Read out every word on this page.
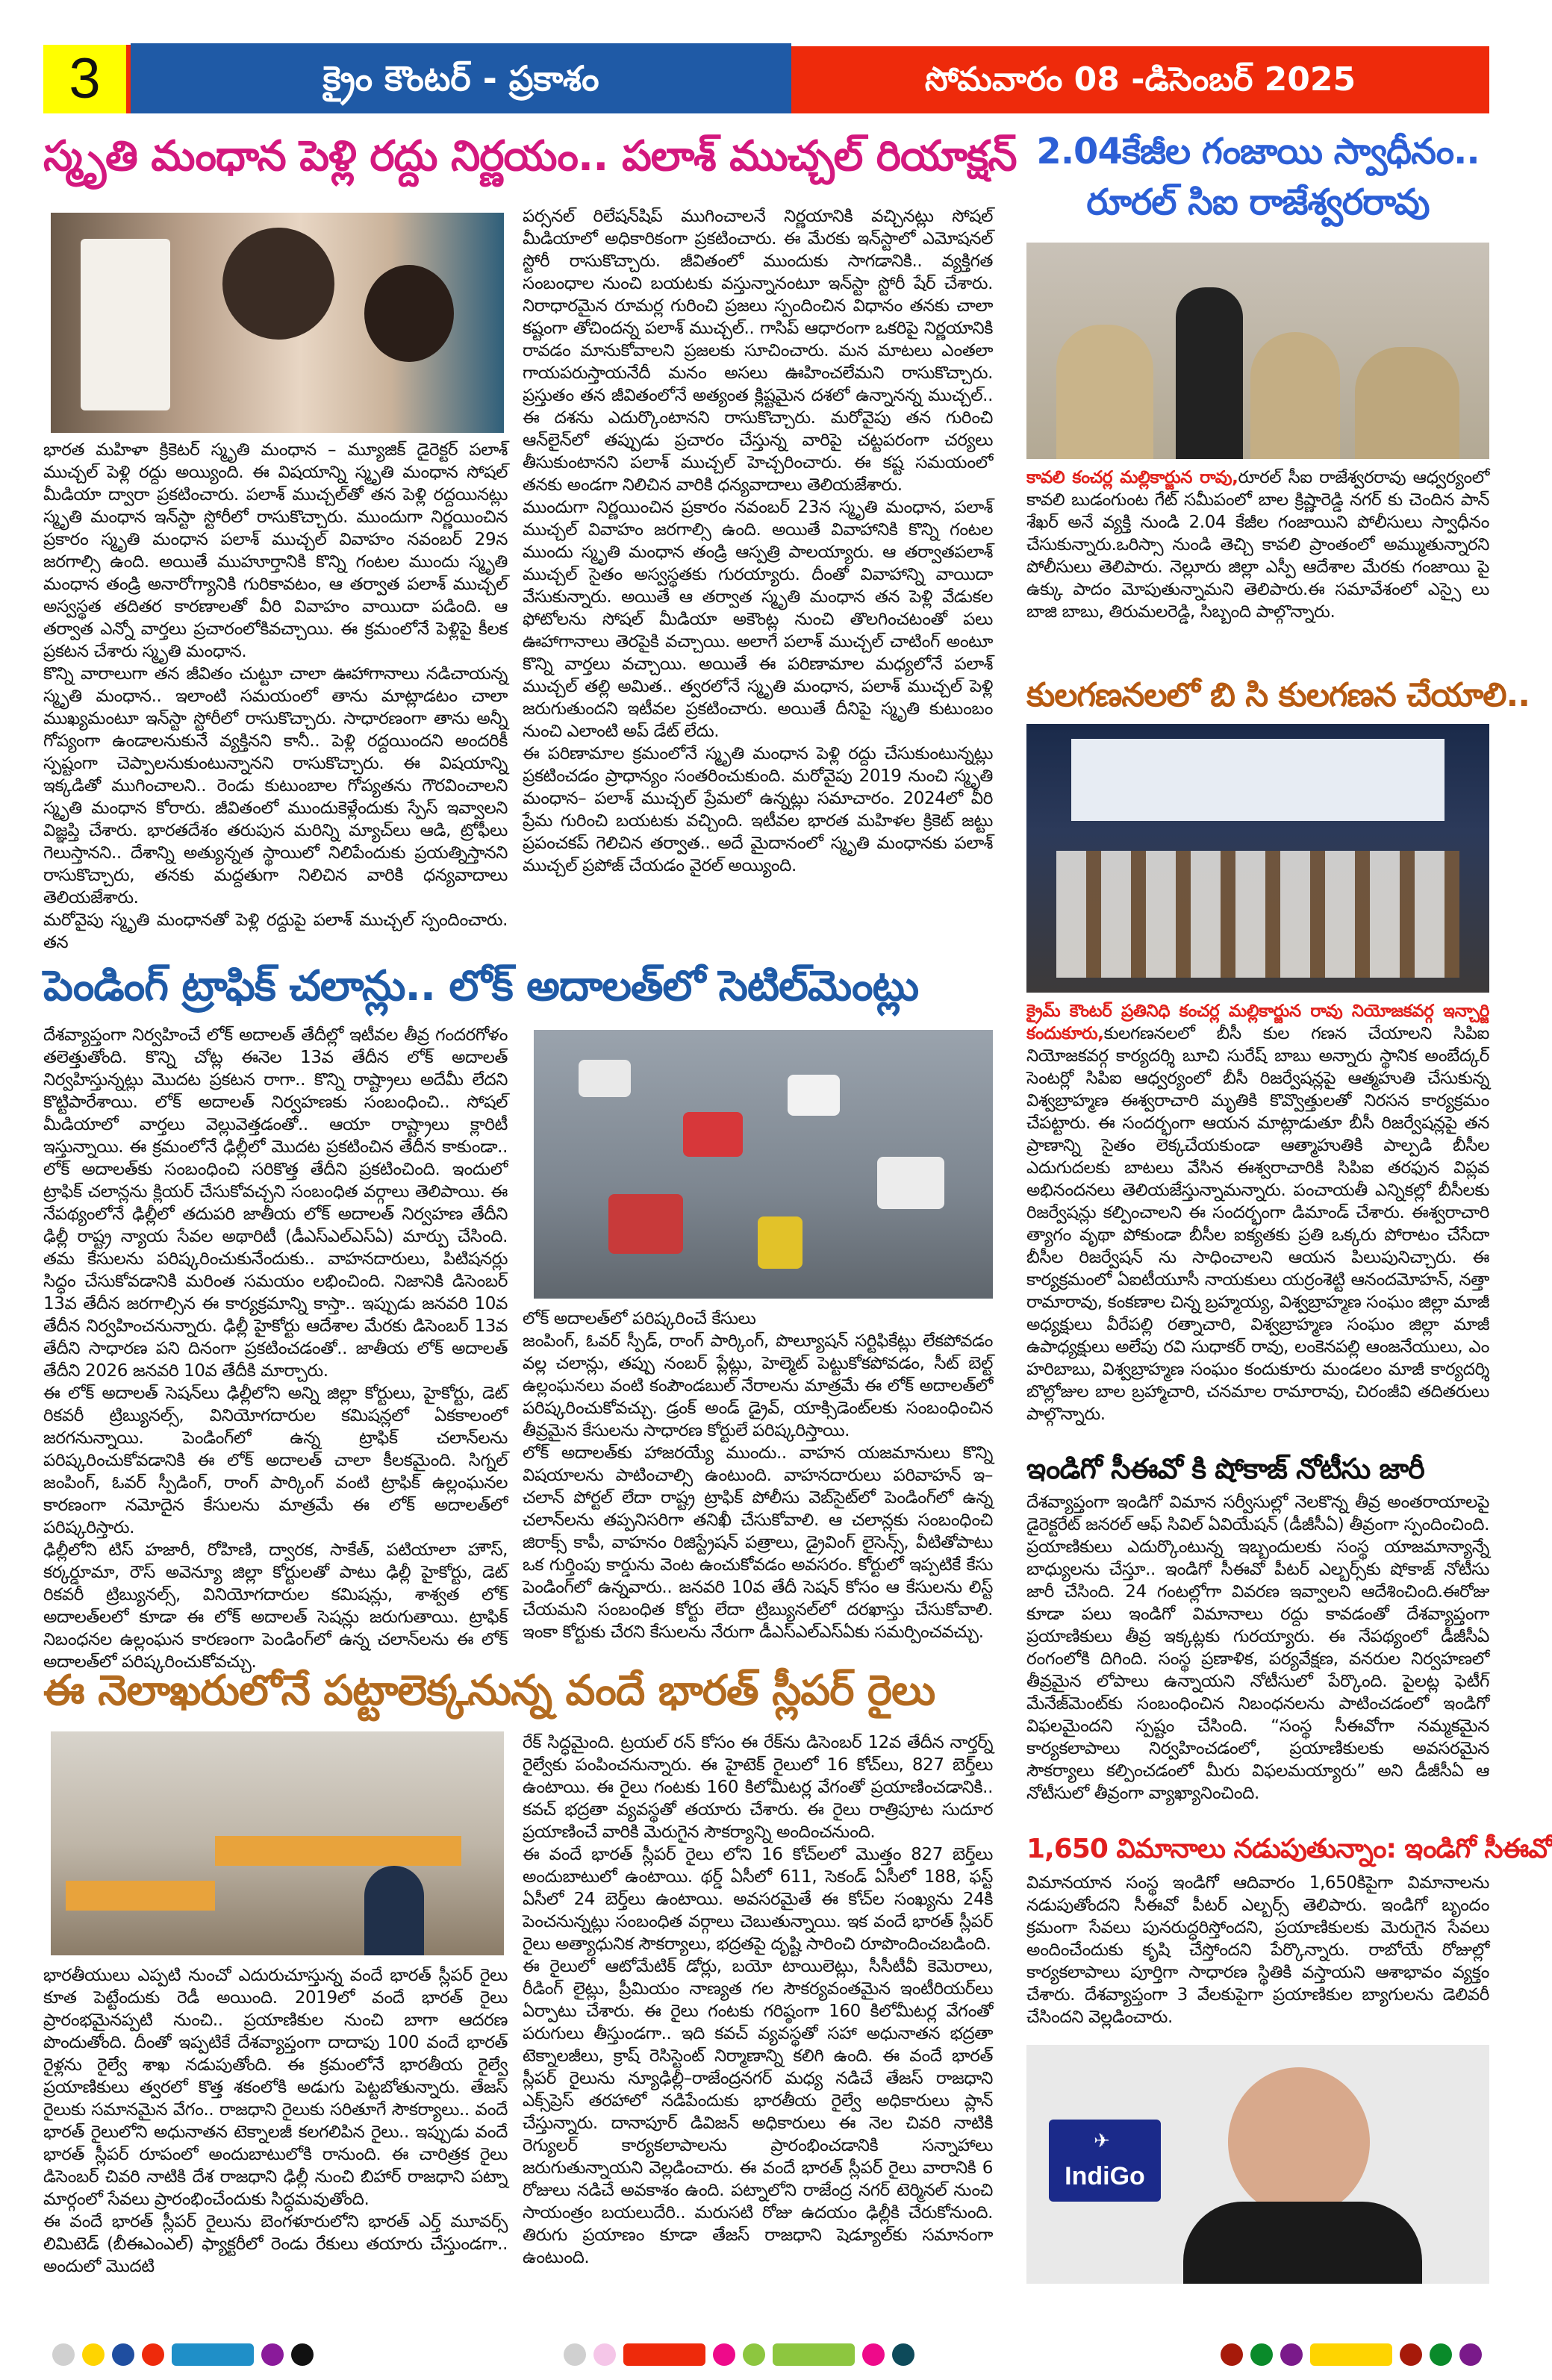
3	క్రైం కౌంటర్ - ప్రకాశం	సోమవారం 08 -డిసెంబర్ 2025
స్మృతి మంధాన పెళ్లి రద్దు నిర్ణయం.. పలాశ్ ముచ్చల్ రియాక్షన్

భారత మహిళా క్రికెటర్ స్మృతి మంధాన – మ్యూజిక్ డైరెక్టర్ పలాశ్ ముచ్చల్ పెళ్లి రద్దు అయ్యింది. ఈ విషయాన్ని స్మృతి మంధాన సోషల్ మీడియా ద్వారా ప్రకటించారు. పలాశ్ ముచ్చల్‌తో తన పెళ్లి రద్దయినట్లు స్మృతి మంధాన ఇన్‌స్టా స్టోరీలో రాసుకొచ్చారు. ముందుగా నిర్ణయించిన ప్రకారం స్మృతి మంధాన పలాశ్ ముచ్చల్ వివాహం నవంబర్ 29న జరగాల్సి ఉంది. అయితే ముహూర్తానికి కొన్ని గంటల ముందు స్మృతి మంధాన తండ్రి అనారోగ్యానికి గురికావటం, ఆ తర్వాత పలాశ్ ముచ్చల్ అస్వస్థత తదితర కారణాలతో వీరి వివాహం వాయిదా పడింది. ఆ తర్వాత ఎన్నో వార్తలు ప్రచారంలోకివచ్చాయి. ఈ క్రమంలోనే పెళ్లిపై కీలక ప్రకటన చేశారు స్మృతి మంధాన.

కొన్ని వారాలుగా తన జీవితం చుట్టూ చాలా ఊహాగానాలు నడిచాయన్న స్మృతి మంధాన.. ఇలాంటి సమయంలో తాను మాట్లాడటం చాలా ముఖ్యమంటూ ఇన్‌స్టా స్టోరీలో రాసుకొచ్చారు. సాధారణంగా తాను అన్నీ గోప్యంగా ఉండాలనుకునే వ్యక్తినని కానీ.. పెళ్లి రద్దయిందని అందరికీ స్పష్టంగా చెప్పాలనుకుంటున్నానని రాసుకొచ్చారు. ఈ విషయాన్ని ఇక్కడితో ముగించాలని.. రెండు కుటుంబాల గోప్యతను గౌరవించాలని స్మృతి మంధాన కోరారు. జీవితంలో ముందుకెళ్లేందుకు స్పేస్ ఇవ్వాలని విజ్ఞప్తి చేశారు. భారతదేశం తరుపున మరిన్ని మ్యాచ్‌లు ఆడి, ట్రోఫీలు గెలుస్తానని.. దేశాన్ని అత్యున్నత స్థాయిలో నిలిపేందుకు ప్రయత్నిస్తానని రాసుకొచ్చారు, తనకు మద్దతుగా నిలిచిన వారికి ధన్యవాదాలు తెలియజేశారు.

మరోవైపు స్మృతి మంధానతో పెళ్లి రద్దుపై పలాశ్ ముచ్చల్ స్పందించారు. తన

పర్సనల్ రిలేషన్‌షిప్ ముగించాలనే నిర్ణయానికి వచ్చినట్లు సోషల్ మీడియాలో అధికారికంగా ప్రకటించారు. ఈ మేరకు ఇన్‌స్టాలో ఎమోషనల్ స్టోరీ రాసుకొచ్చారు. జీవితంలో ముందుకు సాగడానికి.. వ్యక్తిగత సంబంధాల నుంచి బయటకు వస్తున్నానంటూ ఇన్‌స్టా స్టోరీ షేర్ చేశారు. నిరాధారమైన రూమర్ల గురించి ప్రజలు స్పందించిన విధానం తనకు చాలా కష్టంగా తోచిందన్న పలాశ్ ముచ్చల్.. గాసిప్ ఆధారంగా ఒకరిపై నిర్ణయానికి రావడం మానుకోవాలని ప్రజలకు సూచించారు. మన మాటలు ఎంతలా గాయపరుస్తాయనేదీ మనం అసలు ఊహించలేమని రాసుకొచ్చారు. ప్రస్తుతం తన జీవితంలోనే అత్యంత క్లిష్టమైన దశలో ఉన్నానన్న ముచ్చల్.. ఈ దశను ఎదుర్కొంటానని రాసుకొచ్చారు. మరోవైపు తన గురించి ఆన్‌లైన్‌లో తప్పుడు ప్రచారం చేస్తున్న వారిపై చట్టపరంగా చర్యలు తీసుకుంటానని పలాశ్ ముచ్చల్ హెచ్చరించారు. ఈ కష్ట సమయంలో తనకు అండగా నిలిచిన వారికి ధన్యవాదాలు తెలియజేశారు.

ముందుగా నిర్ణయించిన ప్రకారం నవంబర్ 23న స్మృతి మంధాన, పలాశ్ ముచ్చల్ వివాహం జరగాల్సి ఉంది. అయితే వివాహానికి కొన్ని గంటల ముందు స్మృతి మంధాన తండ్రి ఆస్పత్రి పాలయ్యారు. ఆ తర్వాతపలాశ్ ముచ్చల్ సైతం అస్వస్థతకు గురయ్యారు. దీంతో వివాహాన్ని వాయిదా వేసుకున్నారు. అయితే ఆ తర్వాత స్మృతి మంధాన తన పెళ్లి వేడుకల ఫోటోలను సోషల్ మీడియా అకౌంట్ల నుంచి తొలగించటంతో పలు ఊహాగానాలు తెరపైకి వచ్చాయి. అలాగే పలాశ్ ముచ్చల్ చాటింగ్ అంటూ కొన్ని వార్తలు వచ్చాయి. అయితే ఈ పరిణామాల మధ్యలోనే పలాశ్ ముచ్చల్ తల్లి అమిత.. త్వరలోనే స్మృతి మంధాన, పలాశ్ ముచ్చల్ పెళ్లి జరుగుతుందని ఇటీవల ప్రకటించారు. అయితే దీనిపై స్మృతి కుటుంబం నుంచి ఎలాంటి అప్ డేట్ లేదు.

ఈ పరిణామాల క్రమంలోనే స్మృతి మంధాన పెళ్లి రద్దు చేసుకుంటున్నట్లు ప్రకటించడం ప్రాధాన్యం సంతరించుకుంది. మరోవైపు 2019 నుంచి స్మృతి మంధాన– పలాశ్ ముచ్చల్ ప్రేమలో ఉన్నట్లు సమాచారం. 2024లో వీరి ప్రేమ గురించి బయటకు వచ్చింది. ఇటీవల భారత మహిళల క్రికెట్ జట్టు ప్రపంచకప్ గెలిచిన తర్వాత.. అదే మైదానంలో స్మృతి మంధానకు పలాశ్ ముచ్చల్ ప్రపోజ్ చేయడం వైరల్ అయ్యింది.

పెండింగ్ ట్రాఫిక్ చలాన్లు.. లోక్ అదాలత్‌లో సెటిల్‌మెంట్లు

దేశవ్యాప్తంగా నిర్వహించే లోక్ అదాలత్ తేదీల్లో ఇటీవల తీవ్ర గందరగోళం తలెత్తుతోంది. కొన్ని చోట్ల ఈనెల 13వ తేదీన లోక్ అదాలత్ నిర్వహిస్తున్నట్లు మొదట ప్రకటన రాగా.. కొన్ని రాష్ట్రాలు అదేమీ లేదని కొట్టిపారేశాయి. లోక్ అదాలత్ నిర్వహణకు సంబంధించి.. సోషల్ మీడియాలో వార్తలు వెల్లువెత్తడంతో.. ఆయా రాష్ట్రాలు క్లారిటీ ఇస్తున్నాయి. ఈ క్రమంలోనే ఢిల్లీలో మొదట ప్రకటించిన తేదీన కాకుండా.. లోక్ అదాలత్‌కు సంబంధించి సరికొత్త తేదీని ప్రకటించింది. ఇందులో ట్రాఫిక్ చలాన్లను క్లియర్ చేసుకోవచ్చని సంబంధిత వర్గాలు తెలిపాయి. ఈ నేపథ్యంలోనే ఢిల్లీలో తదుపరి జాతీయ లోక్ అదాలత్ నిర్వహణ తేదీని ఢిల్లీ రాష్ట్ర న్యాయ సేవల అథారిటీ (డీఎస్ఎల్ఎస్ఏ) మార్పు చేసింది. తమ కేసులను పరిష్కరించుకునేందుకు.. వాహనదారులు, పిటిషనర్లు సిద్ధం చేసుకోవడానికి మరింత సమయం లభించింది. నిజానికి డిసెంబర్ 13వ తేదీన జరగాల్సిన ఈ కార్యక్రమాన్ని కాస్తా.. ఇప్పుడు జనవరి 10వ తేదీన నిర్వహించనున్నారు. ఢిల్లీ హైకోర్టు ఆదేశాల మేరకు డిసెంబర్ 13వ తేదీని సాధారణ పని దినంగా ప్రకటించడంతో.. జాతీయ లోక్ అదాలత్ తేదీని 2026 జనవరి 10వ తేదీకి మార్చారు.

ఈ లోక్ అదాలత్ సెషన్‌లు ఢిల్లీలోని అన్ని జిల్లా కోర్టులు, హైకోర్టు, డెట్ రికవరీ ట్రిబ్యునల్స్, వినియోగదారుల కమిషన్లలో ఏకకాలంలో జరగనున్నాయి. పెండింగ్‌లో ఉన్న ట్రాఫిక్ చలాన్‌లను పరిష్కరించుకోవడానికి ఈ లోక్ అదాలత్ చాలా కీలకమైంది. సిగ్నల్ జంపింగ్, ఓవర్ స్పీడింగ్, రాంగ్ పార్కింగ్ వంటి ట్రాఫిక్ ఉల్లంఘనల కారణంగా నమోదైన కేసులను మాత్రమే ఈ లోక్ అదాలత్‌లో పరిష్కరిస్తారు.

ఢిల్లీలోని టిస్ హజారీ, రోహిణి, ద్వారక, సాకేత్, పటియాలా హౌస్, కర్కర్డూమా, రౌస్ అవెన్యూ జిల్లా కోర్టులతో పాటు ఢిల్లీ హైకోర్టు, డెట్ రికవరీ ట్రిబ్యునల్స్, వినియోగదారుల కమిషన్లు, శాశ్వత లోక్ అదాలత్‌లలో కూడా ఈ లోక్ అదాలత్ సెషన్లు జరుగుతాయి. ట్రాఫిక్ నిబంధనల ఉల్లంఘన కారణంగా పెండింగ్‌లో ఉన్న చలాన్‌లను ఈ లోక్ అదాలత్‌లో పరిష్కరించుకోవచ్చు.

లోక్ అదాలత్‌లో పరిష్కరించే కేసులు

జంపింగ్, ఓవర్ స్పీడ్, రాంగ్ పార్కింగ్, పొల్యూషన్ సర్టిఫికేట్లు లేకపోవడం వల్ల చలాన్లు, తప్పు నంబర్ ప్లేట్లు, హెల్మెట్ పెట్టుకోకపోవడం, సీట్ బెల్ట్ ఉల్లంఘనలు వంటి కంపౌండబుల్ నేరాలను మాత్రమే ఈ లోక్ అదాలత్‌లో పరిష్కరించుకోవచ్చు. డ్రంక్ అండ్ డ్రైవ్, యాక్సిడెంట్‌లకు సంబంధించిన తీవ్రమైన కేసులను సాధారణ కోర్టులే పరిష్కరిస్తాయి.

లోక్ అదాలత్‌కు హాజరయ్యే ముందు.. వాహన యజమానులు కొన్ని విషయాలను పాటించాల్సి ఉంటుంది. వాహనదారులు పరివాహన్ ఇ–చలాన్ పోర్టల్ లేదా రాష్ట్ర ట్రాఫిక్ పోలీసు వెబ్‌సైట్‌లో పెండింగ్‌లో ఉన్న చలాన్‌లను తప్పనిసరిగా తనిఖీ చేసుకోవాలి. ఆ చలాన్లకు సంబంధించి జిరాక్స్ కాపీ, వాహనం రిజిస్ట్రేషన్ పత్రాలు, డ్రైవింగ్ లైసెన్స్, వీటితోపాటు ఒక గుర్తింపు కార్డును వెంట ఉంచుకోవడం అవసరం. కోర్టులో ఇప్పటికే కేసు పెండింగ్‌లో ఉన్నవారు.. జనవరి 10వ తేదీ సెషన్ కోసం ఆ కేసులను లిస్ట్ చేయమని సంబంధిత కోర్టు లేదా ట్రిబ్యునల్‌లో దరఖాస్తు చేసుకోవాలి. ఇంకా కోర్టుకు చేరని కేసులను నేరుగా డీఎస్ఎల్ఎస్ఏకు సమర్పించవచ్చు.

ఈ నెలాఖరులోనే పట్టాలెక్కనున్న వందే భారత్ స్లీపర్ రైలు

భారతీయులు ఎప్పటి నుంచో ఎదురుచూస్తున్న వందే భారత్ స్లీపర్ రైలు కూత పెట్టేందుకు రెడీ అయింది. 2019లో వందే భారత్ రైలు ప్రారంభమైనప్పటి నుంచి.. ప్రయాణికుల నుంచి బాగా ఆదరణ పొందుతోంది. దీంతో ఇప్పటికే దేశవ్యాప్తంగా దాదాపు 100 వందే భారత్ రైళ్లను రైల్వే శాఖ నడుపుతోంది. ఈ క్రమంలోనే భారతీయ రైల్వే ప్రయాణికులు త్వరలో కొత్త శకంలోకి అడుగు పెట్టబోతున్నారు. తేజస్ రైలుకు సమానమైన వేగం.. రాజధాని రైలుకు సరితూగే సౌకర్యాలు.. వందే భారత్ రైలులోని అధునాతన టెక్నాలజీ కలగలిపిన రైలు.. ఇప్పుడు వందే భారత్ స్లీపర్ రూపంలో అందుబాటులోకి రానుంది. ఈ చారిత్రక రైలు డిసెంబర్ చివరి నాటికి దేశ రాజధాని ఢిల్లీ నుంచి బిహార్ రాజధాని పట్నా మార్గంలో సేవలు ప్రారంభించేందుకు సిద్ధమవుతోంది.

ఈ వందే భారత్ స్లీపర్ రైలును బెంగళూరులోని భారత్ ఎర్త్ మూవర్స్ లిమిటెడ్ (బీఈఎంఎల్) ఫ్యాక్టరీలో రెండు రేకులు తయారు చేస్తుండగా.. అందులో మొదటి

రేక్ సిద్ధమైంది. ట్రయల్ రన్ కోసం ఈ రేక్‌ను డిసెంబర్ 12వ తేదీన నార్తర్న్ రైల్వేకు పంపించనున్నారు. ఈ హైటెక్ రైలులో 16 కోచ్‌లు, 827 బెర్త్‌లు ఉంటాయి. ఈ రైలు గంటకు 160 కిలోమీటర్ల వేగంతో ప్రయాణించడానికి.. కవచ్ భద్రతా వ్యవస్థతో తయారు చేశారు. ఈ రైలు రాత్రిపూట సుదూర ప్రయాణించే వారికి మెరుగైన సౌకర్యాన్ని అందించనుంది.

ఈ వందే భారత్ స్లీపర్ రైలు లోని 16 కోచ్‌లలో మొత్తం 827 బెర్త్‌లు అందుబాటులో ఉంటాయి. థర్డ్ ఏసీలో 611, సెకండ్ ఏసీలో 188, ఫస్ట్ ఏసీలో 24 బెర్త్‌లు ఉంటాయి. అవసరమైతే ఈ కోచ్‌ల సంఖ్యను 24కి పెంచనున్నట్లు సంబంధిత వర్గాలు చెబుతున్నాయి. ఇక వందే భారత్ స్లీపర్ రైలు అత్యాధునిక సౌకర్యాలు, భద్రతపై దృష్టి సారించి రూపొందించబడింది.

ఈ రైలులో ఆటోమేటిక్ డోర్లు, బయో టాయిలెట్లు, సీసీటీవీ కెమెరాలు, రీడింగ్ లైట్లు, ప్రీమియం నాణ్యత గల సౌకర్యవంతమైన ఇంటీరియర్‌లు ఏర్పాటు చేశారు. ఈ రైలు గంటకు గరిష్ఠంగా 160 కిలోమీటర్ల వేగంతో పరుగులు తీస్తుండగా.. ఇది కవచ్ వ్యవస్థతో సహా అధునాతన భద్రతా టెక్నాలజీలు, క్రాష్ రెసిస్టెంట్ నిర్మాణాన్ని కలిగి ఉంది. ఈ వందే భారత్ స్లీపర్ రైలును న్యూఢిల్లీ–రాజేంద్రనగర్ మధ్య నడిచే తేజస్ రాజధాని ఎక్స్‌ప్రెస్ తరహాలో నడిపేందుకు భారతీయ రైల్వే అధికారులు ప్లాన్ చేస్తున్నారు. దానాపూర్ డివిజన్ అధికారులు ఈ నెల చివరి నాటికి రెగ్యులర్ కార్యకలాపాలను ప్రారంభించడానికి సన్నాహాలు జరుగుతున్నాయని వెల్లడించారు. ఈ వందే భారత్ స్లీపర్ రైలు వారానికి 6 రోజులు నడిచే అవకాశం ఉంది. పట్నాలోని రాజేంద్ర నగర్ టెర్మినల్ నుంచి సాయంత్రం బయలుదేరి.. మరుసటి రోజు ఉదయం ఢిల్లీకి చేరుకోనుంది. తిరుగు ప్రయాణం కూడా తేజస్ రాజధాని షెడ్యూల్‌కు సమానంగా ఉంటుంది.

2.04కేజీల గంజాయి స్వాధీనం..
రూరల్ సిఐ రాజేశ్వరరావు

కావలి కంచర్ల మల్లికార్జున రావు,రూరల్ సీఐ రాజేశ్వరరావు ఆధ్వర్యంలో కావలి బుడంగుంట గేట్ సమీపంలో బాల క్రిష్ణారెడ్డి నగర్ కు చెందిన పాన్ శేఖర్ అనే వ్యక్తి నుండి 2.04 కేజీల గంజాయిని పోలీసులు స్వాధీనం చేసుకున్నారు.ఒరిస్సా నుండి తెచ్చి కావలి ప్రాంతంలో అమ్ముతున్నారని పోలీసులు తెలిపారు. నెల్లూరు జిల్లా ఎస్పీ ఆదేశాల మేరకు గంజాయి పై ఉక్కు పాదం మోపుతున్నామని తెలిపారు.ఈ సమావేశంలో ఎస్సై లు బాజి బాబు, తిరుమలరెడ్డి, సిబ్బంది పాల్గొన్నారు.

కులగణనలలో బి సి కులగణన చేయాలి..

క్రైమ్ కౌంటర్ ప్రతినిధి కంచర్ల మల్లికార్జున రావు నియోజకవర్గ ఇన్చార్జి కందుకూరు,కులగణనలలో బీసీ కుల గణన చేయాలని సిపిఐ నియోజకవర్గ కార్యదర్శి బూచి సురేష్ బాబు అన్నారు స్థానిక అంబేద్కర్ సెంటర్లో సిపిఐ ఆధ్వర్యంలో బీసీ రిజర్వేషన్లపై ఆత్మహుతి చేసుకున్న విశ్వబ్రాహ్మణ ఈశ్వరాచారి మృతికి కొవ్వొత్తులతో నిరసన కార్యక్రమం చేపట్టారు. ఈ సందర్భంగా ఆయన మాట్లాడుతూ బీసీ రిజర్వేషన్లపై తన ప్రాణాన్ని సైతం లెక్కచేయకుండా ఆత్మాహుతికి పాల్పడి బీసీల ఎదుగుదలకు బాటలు వేసిన ఈశ్వరాచారికి సిపిఐ తరఫున విప్లవ అభినందనలు తెలియజేస్తున్నామన్నారు. పంచాయతీ ఎన్నికల్లో బీసీలకు రిజర్వేషన్లు కల్పించాలని ఈ సందర్భంగా డిమాండ్ చేశారు. ఈశ్వరాచారి త్యాగం వృథా పోకుండా బీసీల ఐక్యతకు ప్రతి ఒక్కరు పోరాటం చేసేదా బీసీల రిజర్వేషన్ ను సాధించాలని ఆయన పిలుపునిచ్చారు. ఈ కార్యక్రమంలో ఏఐటీయూసీ నాయకులు యర్రంశెట్టి ఆనందమోహన్, నత్తా రామారావు, కంకణాల చిన్న బ్రహ్మయ్య, విశ్వబ్రాహ్మణ సంఘం జిల్లా మాజీ అధ్యక్షులు వీరేపల్లి రత్నాచారి, విశ్వబ్రాహ్మణ సంఘం జిల్లా మాజీ ఉపాధ్యక్షులు అలేపు రవి సుధాకర్ రావు, లంకెనపల్లి ఆంజనేయులు, ఎం హరిబాబు, విశ్వబ్రాహ్మణ సంఘం కందుకూరు మండలం మాజీ కార్యదర్శి బొల్లోజుల బాల బ్రహ్మాచారి, చనమాల రామారావు, చిరంజీవి తదితరులు పాల్గొన్నారు.

ఇండిగో సీఈవో కి షోకాజ్ నోటీసు జారీ

దేశవ్యాప్తంగా ఇండిగో విమాన సర్వీసుల్లో నెలకొన్న తీవ్ర అంతరాయాలపై డైరెక్టరేట్ జనరల్ ఆఫ్ సివిల్ ఏవియేషన్ (డీజీసీఏ) తీవ్రంగా స్పందించింది. ప్రయాణికులు ఎదుర్కొంటున్న ఇబ్బందులకు సంస్థ యాజమాన్యాన్నే బాధ్యులను చేస్తూ.. ఇండిగో సీఈవో పీటర్ ఎల్బర్స్‌కు షోకాజ్ నోటీసు జారీ చేసింది. 24 గంటల్లోగా వివరణ ఇవ్వాలని ఆదేశించింది.ఈరోజు కూడా పలు ఇండిగో విమానాలు రద్దు కావడంతో దేశవ్యాప్తంగా ప్రయాణికులు తీవ్ర ఇక్కట్లకు గురయ్యారు. ఈ నేపథ్యంలో డీజీసీఏ రంగంలోకి దిగింది. సంస్థ ప్రణాళిక, పర్యవేక్షణ, వనరుల నిర్వహణలో తీవ్రమైన లోపాలు ఉన్నాయని నోటీసులో పేర్కొంది. పైలట్ల ఫెటీగ్ మేనేజ్‌మెంట్‌కు సంబంధించిన నిబంధనలను పాటించడంలో ఇండిగో విఫలమైందని స్పష్టం చేసింది. “సంస్థ సీఈవోగా నమ్మకమైన కార్యకలాపాలు నిర్వహించడంలో, ప్రయాణికులకు అవసరమైన సౌకర్యాలు కల్పించడంలో మీరు విఫలమయ్యారు” అని డీజీసీఏ ఆ నోటీసులో తీవ్రంగా వ్యాఖ్యానించింది.

1,650 విమానాలు నడుపుతున్నాం: ఇండిగో సీఈవో

విమానయాన సంస్థ ఇండిగో ఆదివారం 1,650కిపైగా విమానాలను నడుపుతోందని సీఈవో పీటర్ ఎల్బర్స్ తెలిపారు. ఇండిగో బృందం క్రమంగా సేవలు పునరుద్ధరిస్తోందని, ప్రయాణికులకు మెరుగైన సేవలు అందించేందుకు కృషి చేస్తోందని పేర్కొన్నారు. రాబోయే రోజుల్లో కార్యకలాపాలు పూర్తిగా సాధారణ స్థితికి వస్తాయని ఆశాభావం వ్యక్తం చేశారు. దేశవ్యాప్తంగా 3 వేలకుపైగా ప్రయాణికుల బ్యాగులను డెలివరీ చేసిందని వెల్లడించారు.

IndiGo
✈
